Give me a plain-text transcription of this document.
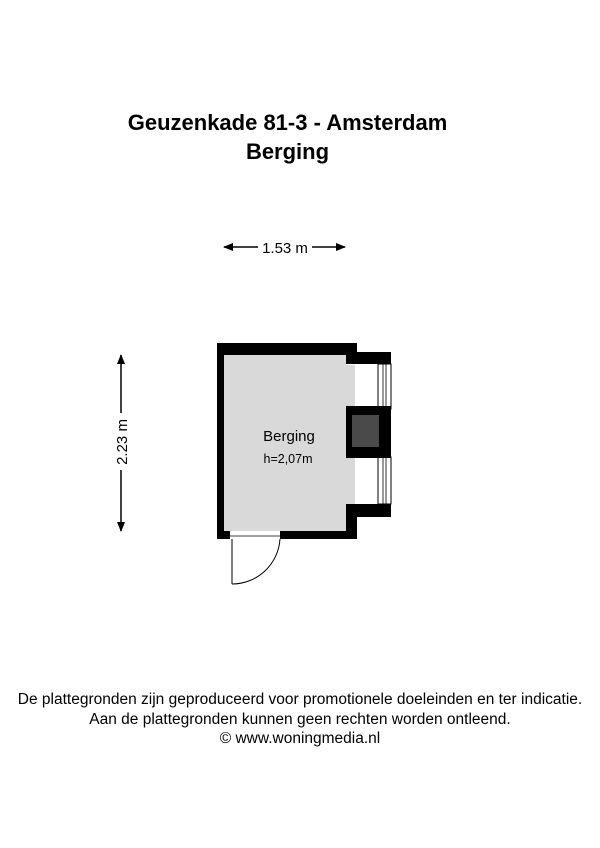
Geuzenkade 81-3 - Amsterdam
Berging
1.53 m
2.23 m	Berging
h=2,07m
De plattegronden zijn geproduceerd voor promotionele doeleinden en ter indicatie.
Aan de plattegronden kunnen geen rechten worden ontleend.
© www.woningmedia.nl
